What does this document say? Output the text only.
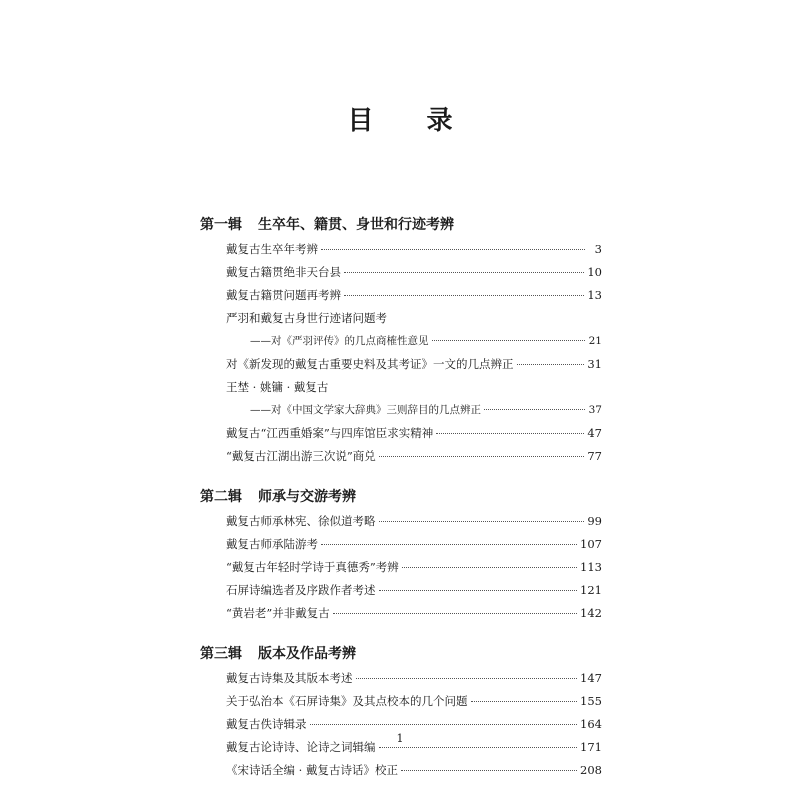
目 录
第一辑 生卒年、籍贯、身世和行迹考辨
戴复古生卒年考辨	3
戴复古籍贯绝非天台县	10
戴复古籍贯问题再考辨	13
严羽和戴复古身世行迹诸问题考
——对《严羽评传》的几点商榷性意见	21
对《新发现的戴复古重要史料及其考证》一文的几点辨正	31
王埜 · 姚镛 · 戴复古
——对《中国文学家大辞典》三则辞目的几点辨正	37
戴复古“江西重婚案”与四库馆臣求实精神	47
“戴复古江湖出游三次说”商兑	77
第二辑 师承与交游考辨
戴复古师承林宪、徐似道考略	99
戴复古师承陆游考	107
“戴复古年轻时学诗于真德秀”考辨	113
石屏诗编选者及序跋作者考述	121
“黄岩老”并非戴复古	142
第三辑 版本及作品考辨
戴复古诗集及其版本考述	147
关于弘治本《石屏诗集》及其点校本的几个问题	155
戴复古佚诗辑录	164
戴复古论诗诗、论诗之词辑编	171
《宋诗话全编 · 戴复古诗话》校正	208
1
